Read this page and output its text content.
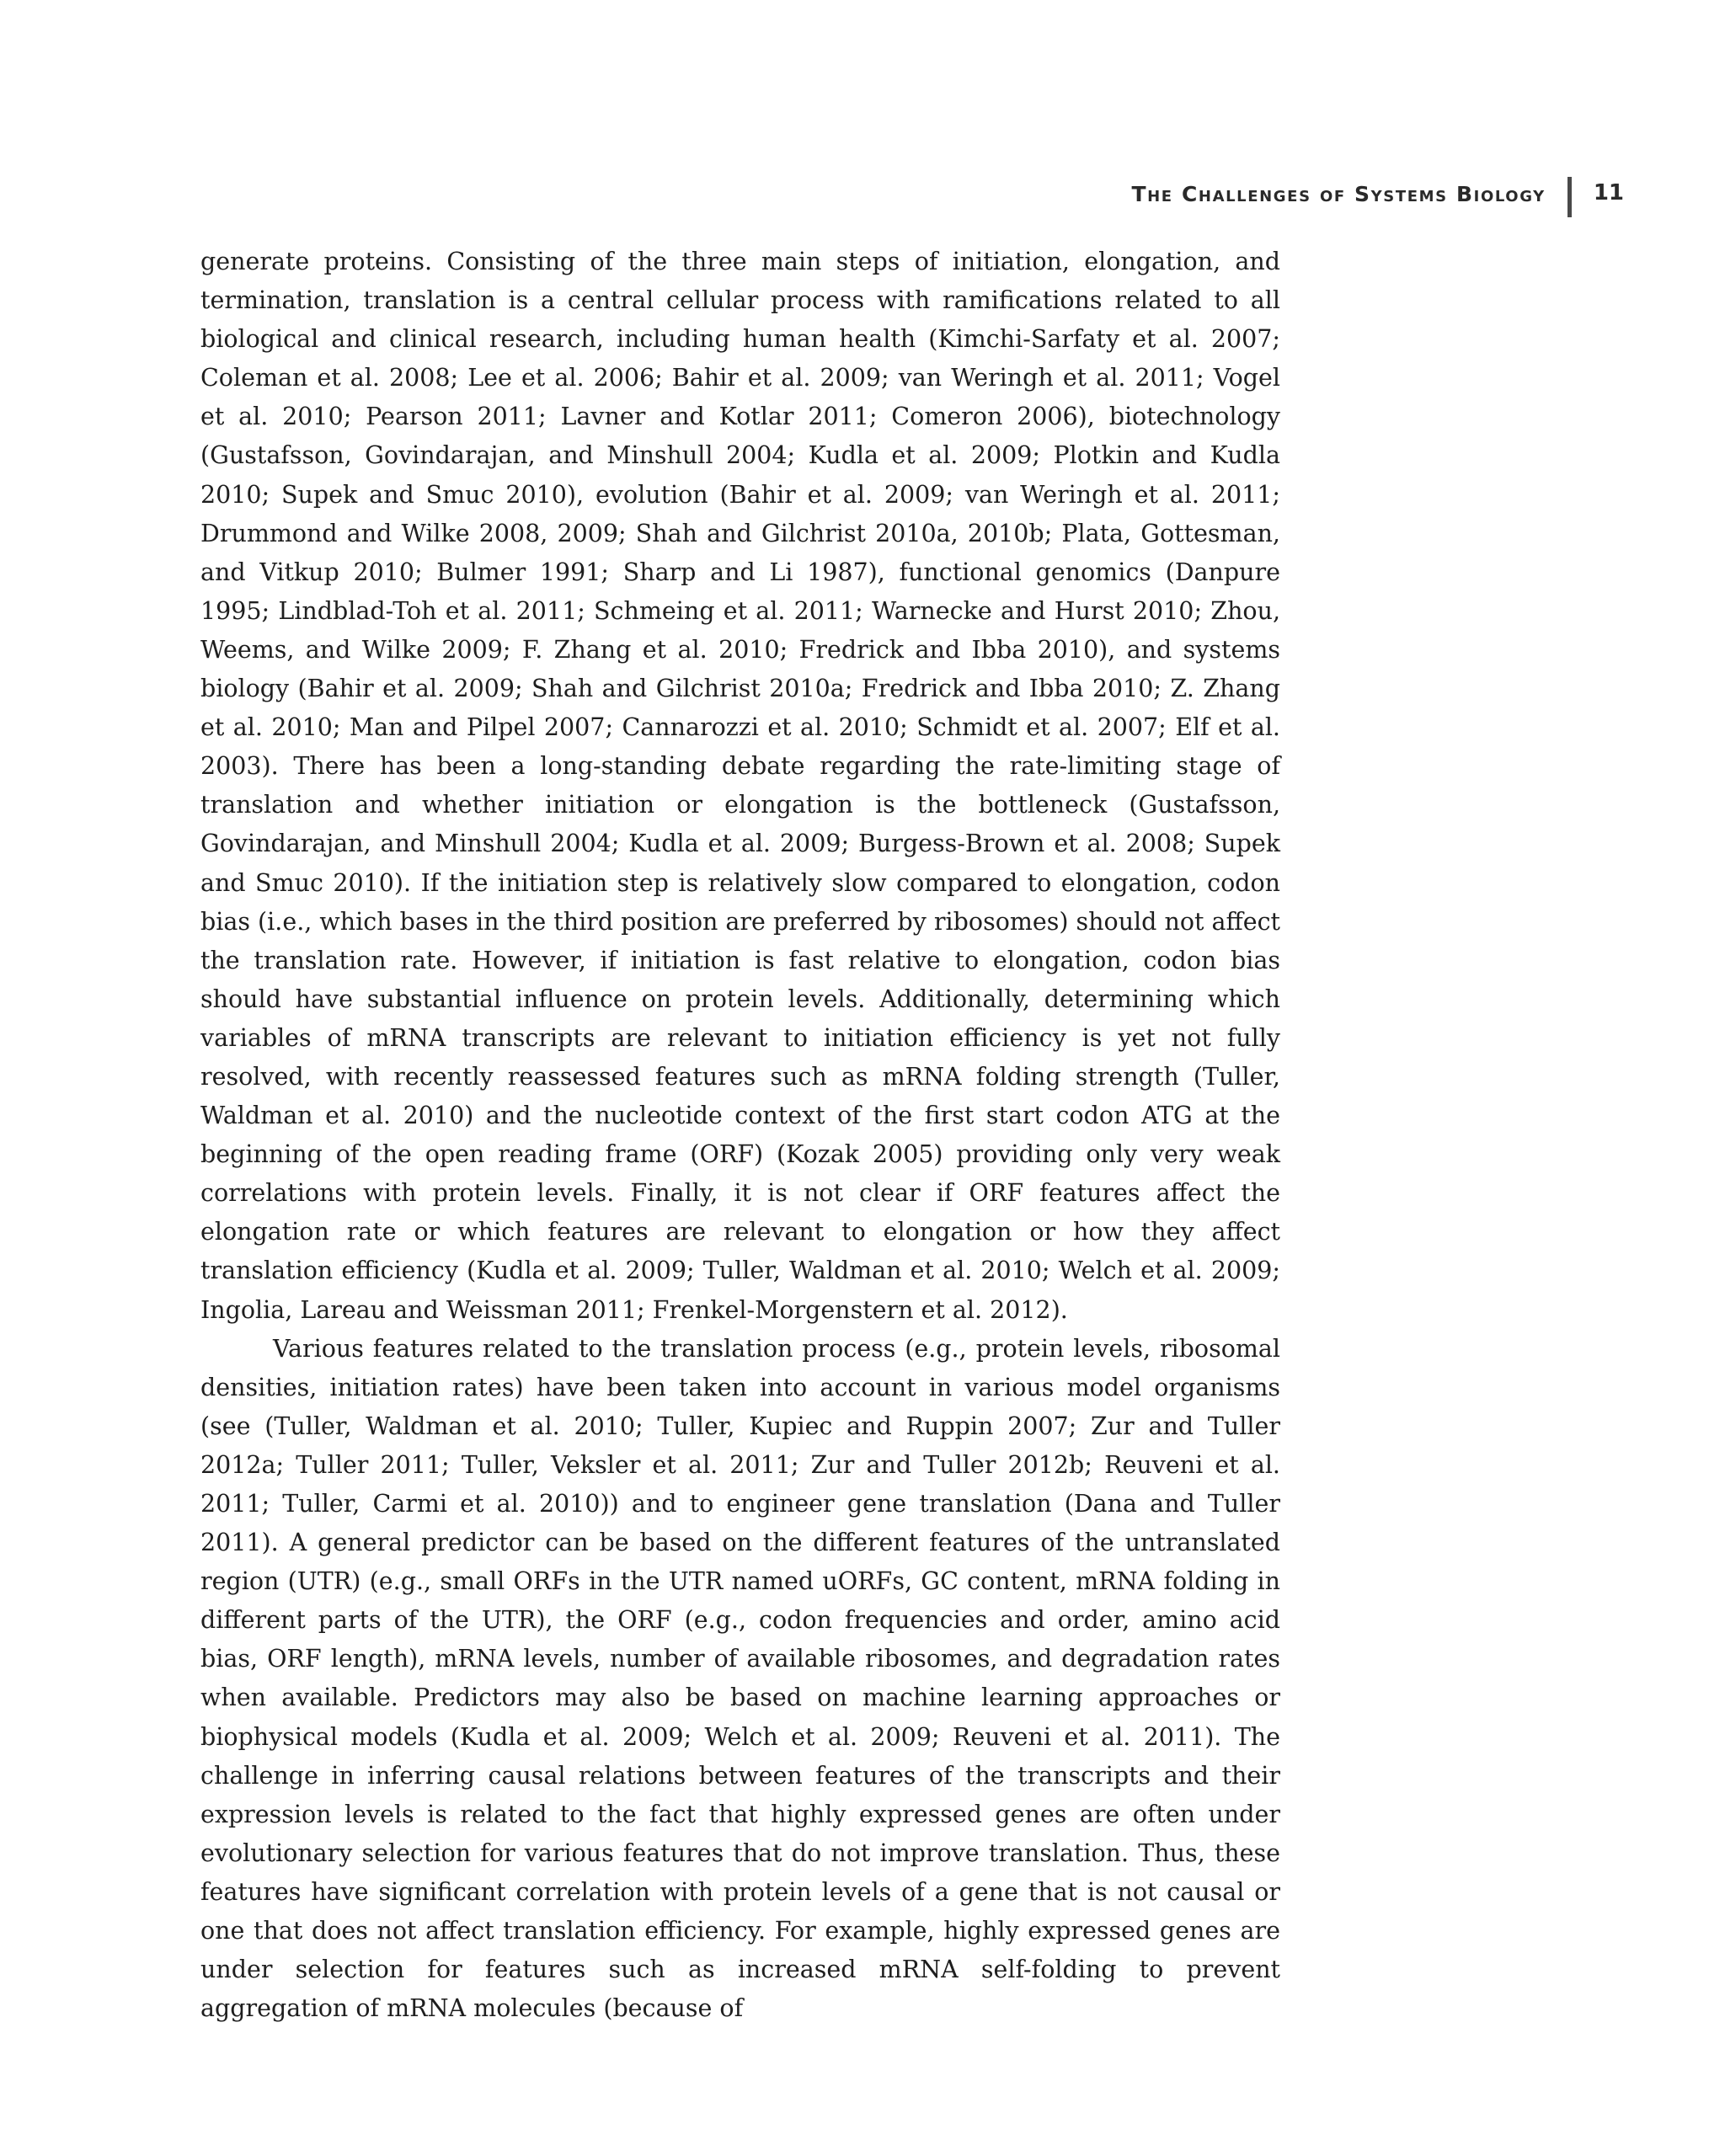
The Challenges of Systems Biology 11

generate proteins. Consisting of the three main steps of initiation, elongation, and termination, translation is a central cellular process with ramifications related to all biological and clinical research, including human health (Kimchi-Sarfaty et al. 2007; Coleman et al. 2008; Lee et al. 2006; Bahir et al. 2009; van Weringh et al. 2011; Vogel et al. 2010; Pearson 2011; Lavner and Kotlar 2011; Comeron 2006), biotechnology (Gustafsson, Govindarajan, and Minshull 2004; Kudla et al. 2009; Plotkin and Kudla 2010; Supek and Smuc 2010), evolution (Bahir et al. 2009; van Weringh et al. 2011; Drummond and Wilke 2008, 2009; Shah and Gilchrist 2010a, 2010b; Plata, Gottesman, and Vitkup 2010; Bulmer 1991; Sharp and Li 1987), functional genomics (Danpure 1995; Lindblad-Toh et al. 2011; Schmeing et al. 2011; Warnecke and Hurst 2010; Zhou, Weems, and Wilke 2009; F. Zhang et al. 2010; Fredrick and Ibba 2010), and systems biology (Bahir et al. 2009; Shah and Gilchrist 2010a; Fredrick and Ibba 2010; Z. Zhang et al. 2010; Man and Pilpel 2007; Cannarozzi et al. 2010; Schmidt et al. 2007; Elf et al. 2003). There has been a long-standing debate regarding the rate-limiting stage of translation and whether initiation or elongation is the bottleneck (Gustafsson, Govindarajan, and Minshull 2004; Kudla et al. 2009; Burgess-Brown et al. 2008; Supek and Smuc 2010). If the initiation step is relatively slow compared to elongation, codon bias (i.e., which bases in the third position are preferred by ribosomes) should not affect the translation rate. However, if initiation is fast relative to elongation, codon bias should have substantial influence on protein levels. Additionally, determining which variables of mRNA transcripts are relevant to initiation efficiency is yet not fully resolved, with recently reassessed features such as mRNA folding strength (Tuller, Waldman et al. 2010) and the nucleotide context of the first start codon ATG at the beginning of the open reading frame (ORF) (Kozak 2005) providing only very weak correlations with protein levels. Finally, it is not clear if ORF features affect the elongation rate or which features are relevant to elongation or how they affect translation efficiency (Kudla et al. 2009; Tuller, Waldman et al. 2010; Welch et al. 2009; Ingolia, Lareau and Weissman 2011; Frenkel-Morgenstern et al. 2012).

Various features related to the translation process (e.g., protein levels, ribosomal densities, initiation rates) have been taken into account in various model organisms (see (Tuller, Waldman et al. 2010; Tuller, Kupiec and Ruppin 2007; Zur and Tuller 2012a; Tuller 2011; Tuller, Veksler et al. 2011; Zur and Tuller 2012b; Reuveni et al. 2011; Tuller, Carmi et al. 2010)) and to engineer gene translation (Dana and Tuller 2011). A general predictor can be based on the different features of the untranslated region (UTR) (e.g., small ORFs in the UTR named uORFs, GC content, mRNA folding in different parts of the UTR), the ORF (e.g., codon frequencies and order, amino acid bias, ORF length), mRNA levels, number of available ribosomes, and degradation rates when available. Predictors may also be based on machine learning approaches or biophysical models (Kudla et al. 2009; Welch et al. 2009; Reuveni et al. 2011). The challenge in inferring causal relations between features of the transcripts and their expression levels is related to the fact that highly expressed genes are often under evolutionary selection for various features that do not improve translation. Thus, these features have significant correlation with protein levels of a gene that is not causal or one that does not affect translation efficiency. For example, highly expressed genes are under selection for features such as increased mRNA self-folding to prevent aggregation of mRNA molecules (because of
